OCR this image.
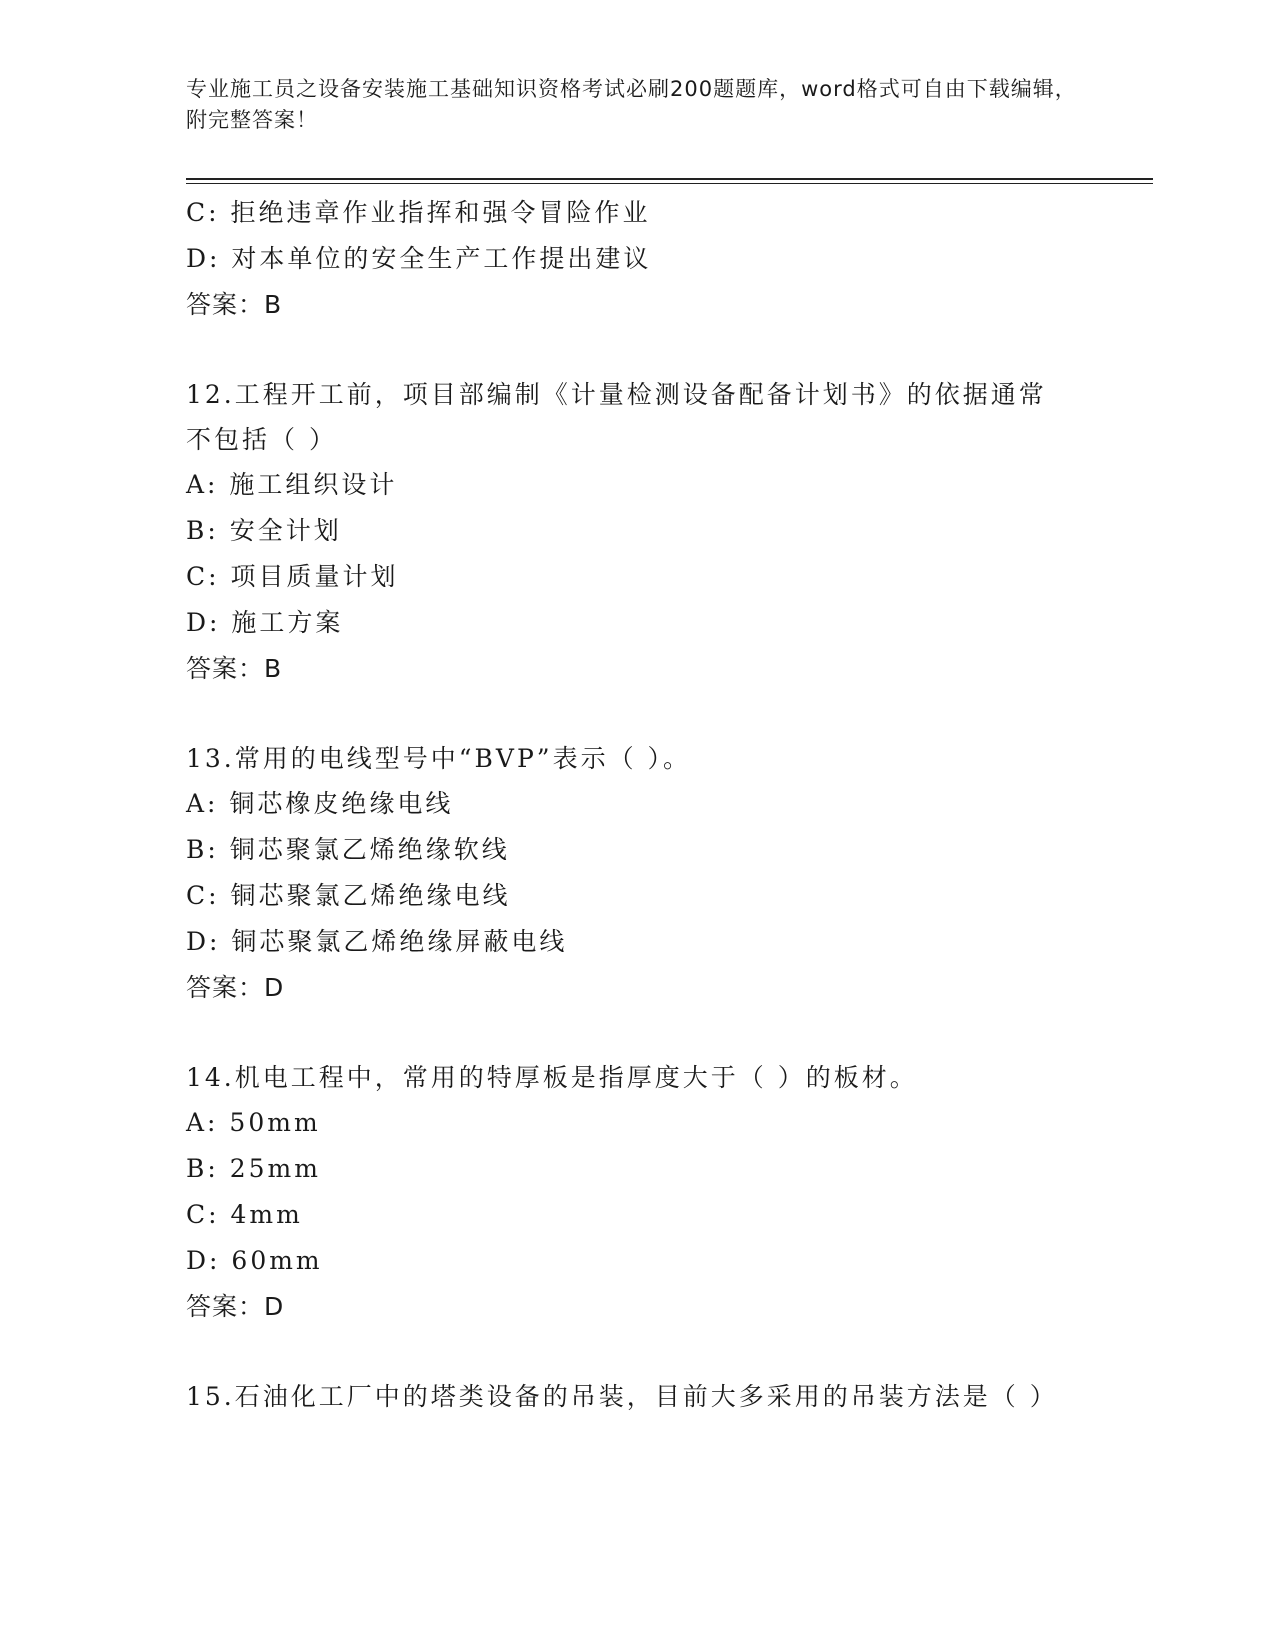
专业施工员之设备安装施工基础知识资格考试必刷200题题库，word格式可自由下载编辑，附完整答案！
C: 拒绝违章作业指挥和强令冒险作业
D: 对本单位的安全生产工作提出建议
答案：B
12.工程开工前，项目部编制《计量检测设备配备计划书》的依据通常不包括（ ）
A: 施工组织设计
B: 安全计划
C: 项目质量计划
D: 施工方案
答案：B
13.常用的电线型号中“BVP”表示（ ）。
A: 铜芯橡皮绝缘电线
B: 铜芯聚氯乙烯绝缘软线
C: 铜芯聚氯乙烯绝缘电线
D: 铜芯聚氯乙烯绝缘屏蔽电线
答案：D
14.机电工程中，常用的特厚板是指厚度大于（ ）的板材。
A: 50mm
B: 25mm
C: 4mm
D: 60mm
答案：D
15.石油化工厂中的塔类设备的吊装，目前大多采用的吊装方法是（ ）
